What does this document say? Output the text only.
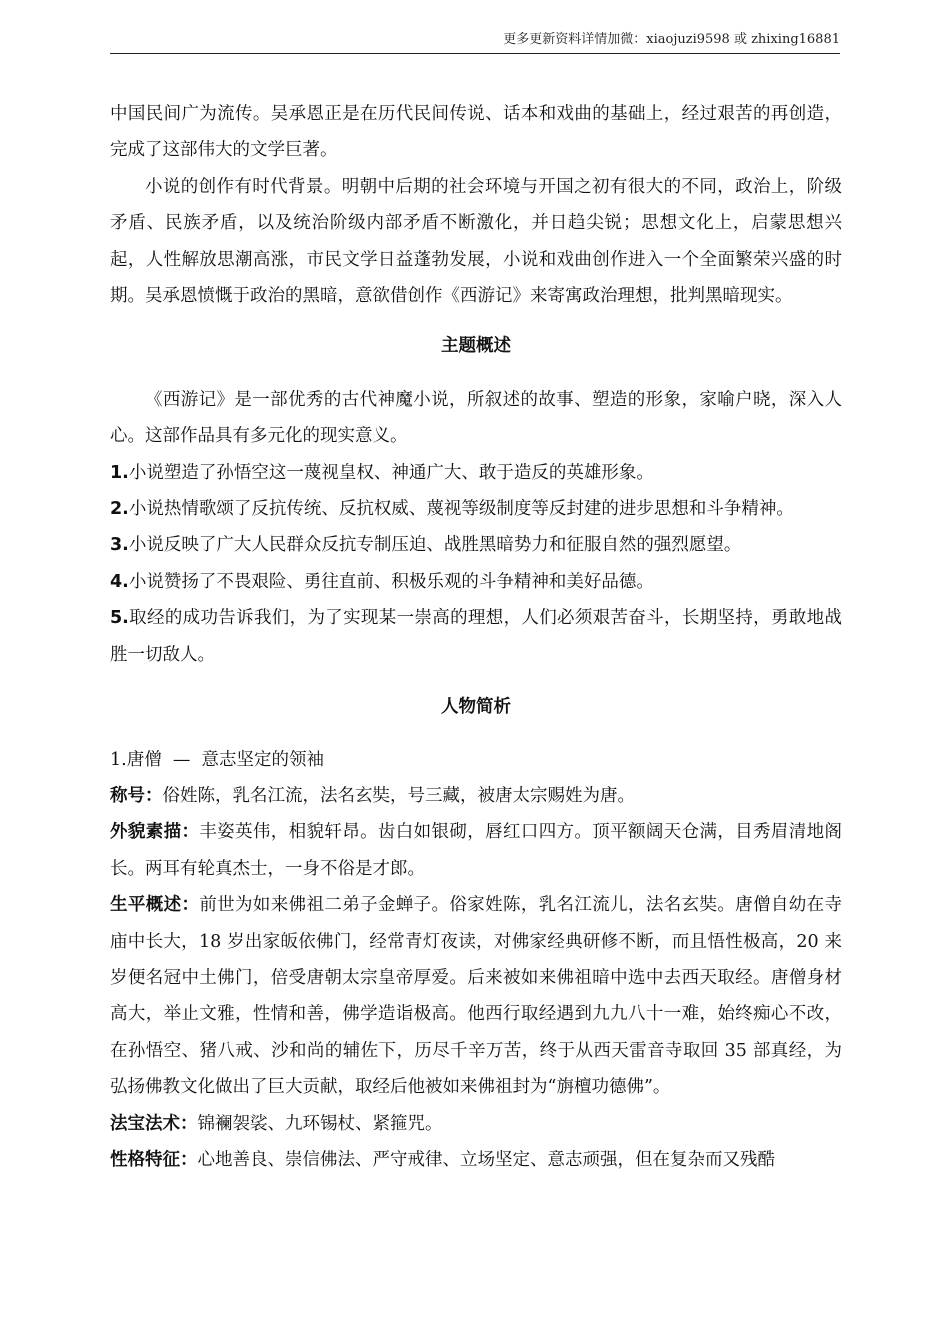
更多更新资料详情加微：xiaojuzi9598 或 zhixing16881

中国民间广为流传。吴承恩正是在历代民间传说、话本和戏曲的基础上，经过艰苦的再创造，完成了这部伟大的文学巨著。

小说的创作有时代背景。明朝中后期的社会环境与开国之初有很大的不同，政治上，阶级矛盾、民族矛盾，以及统治阶级内部矛盾不断激化，并日趋尖锐；思想文化上，启蒙思想兴起，人性解放思潮高涨，市民文学日益蓬勃发展，小说和戏曲创作进入一个全面繁荣兴盛的时期。吴承恩愤慨于政治的黑暗，意欲借创作《西游记》来寄寓政治理想，批判黑暗现实。

主题概述

《西游记》是一部优秀的古代神魔小说，所叙述的故事、塑造的形象，家喻户晓，深入人心。这部作品具有多元化的现实意义。

1.小说塑造了孙悟空这一蔑视皇权、神通广大、敢于造反的英雄形象。

2.小说热情歌颂了反抗传统、反抗权威、蔑视等级制度等反封建的进步思想和斗争精神。

3.小说反映了广大人民群众反抗专制压迫、战胜黑暗势力和征服自然的强烈愿望。

4.小说赞扬了不畏艰险、勇往直前、积极乐观的斗争精神和美好品德。

5.取经的成功告诉我们，为了实现某一崇高的理想，人们必须艰苦奋斗，长期坚持，勇敢地战胜一切敌人。

人物简析

1.唐僧  —  意志坚定的领袖

称号：俗姓陈，乳名江流，法名玄奘，号三藏，被唐太宗赐姓为唐。

外貌素描：丰姿英伟，相貌轩昂。齿白如银砌，唇红口四方。顶平额阔天仓满，目秀眉清地阁长。两耳有轮真杰士，一身不俗是才郎。

生平概述：前世为如来佛祖二弟子金蝉子。俗家姓陈，乳名江流儿，法名玄奘。唐僧自幼在寺庙中长大，18 岁出家皈依佛门，经常青灯夜读，对佛家经典研修不断，而且悟性极高，20 来岁便名冠中土佛门，倍受唐朝太宗皇帝厚爱。后来被如来佛祖暗中选中去西天取经。唐僧身材高大，举止文雅，性情和善，佛学造诣极高。他西行取经遇到九九八十一难，始终痴心不改，在孙悟空、猪八戒、沙和尚的辅佐下，历尽千辛万苦，终于从西天雷音寺取回 35 部真经，为弘扬佛教文化做出了巨大贡献，取经后他被如来佛祖封为“旃檀功德佛”。

法宝法术：锦襕袈裟、九环锡杖、紧箍咒。

性格特征：心地善良、崇信佛法、严守戒律、立场坚定、意志顽强，但在复杂而又残酷
